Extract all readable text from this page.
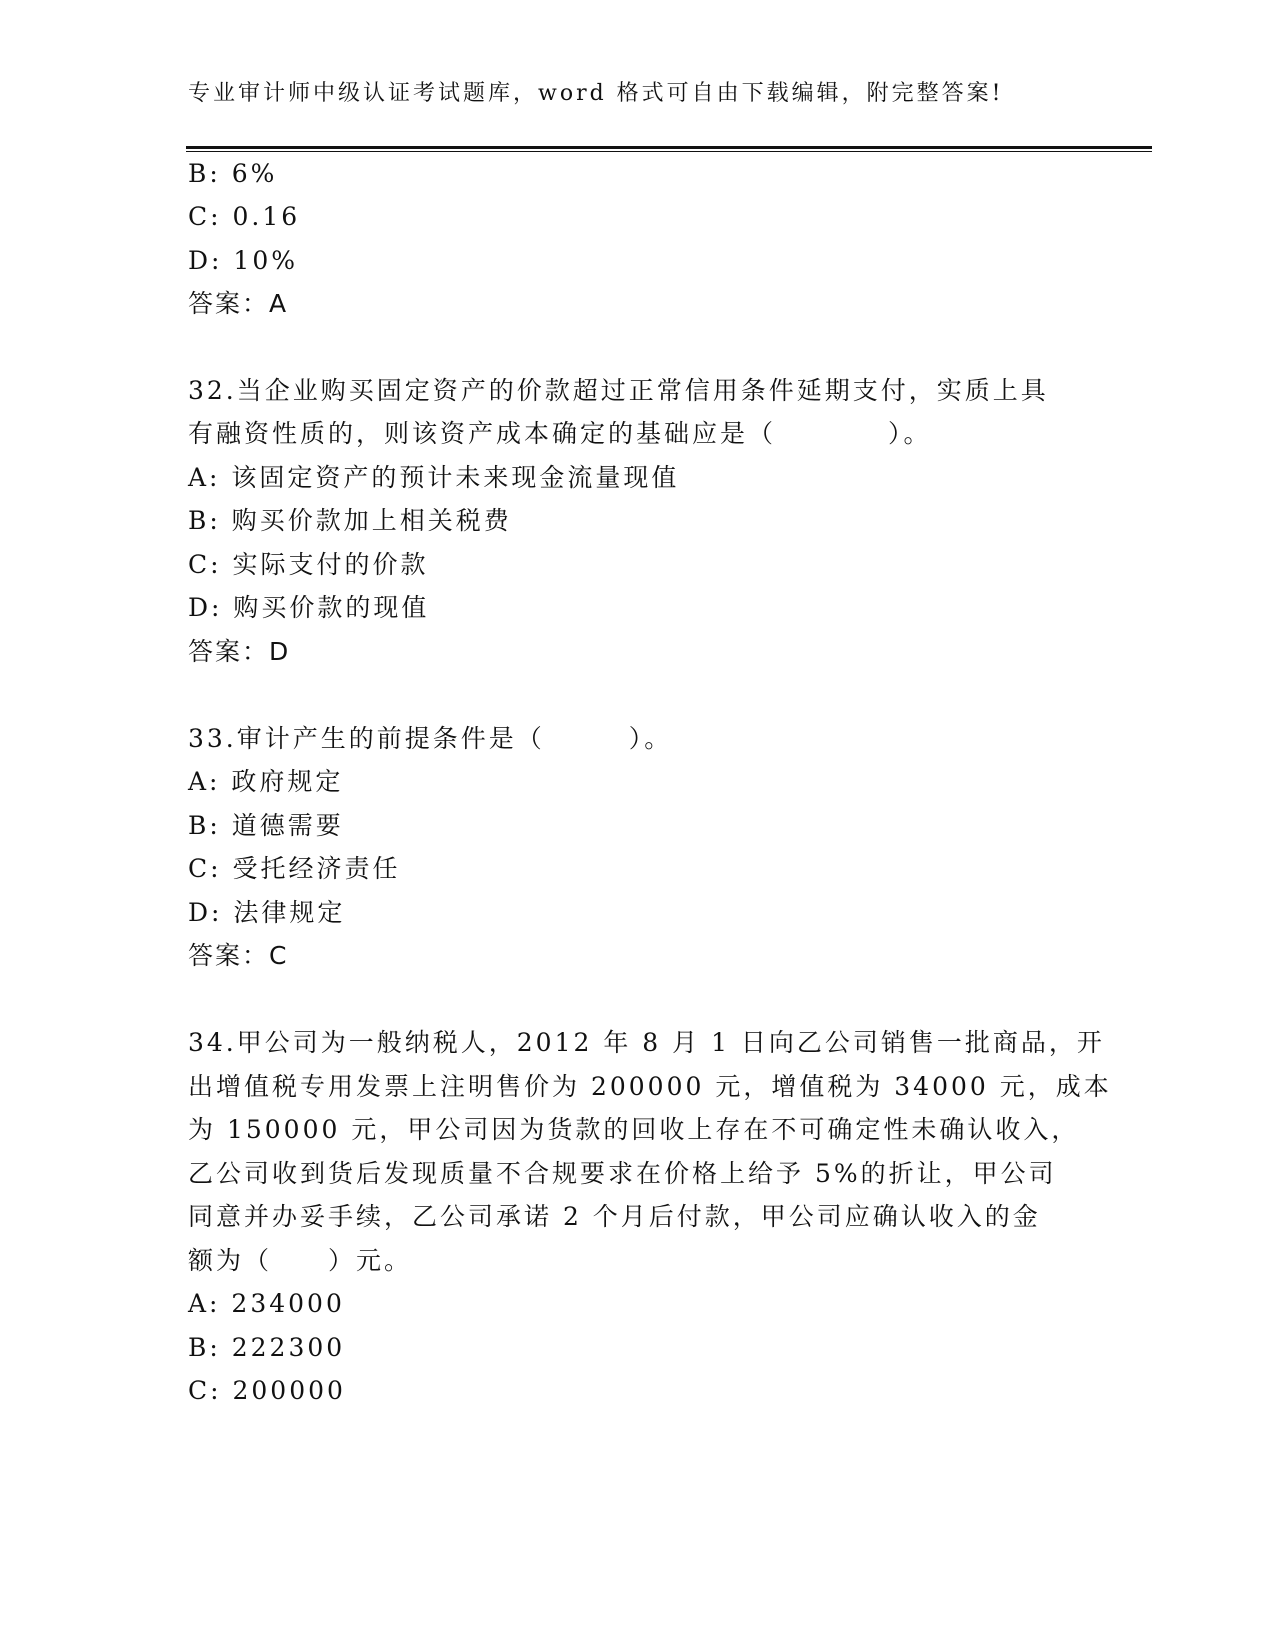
专业审计师中级认证考试题库，word 格式可自由下载编辑，附完整答案!
B: 6%
C: 0.16
D: 10%
答案：A
32.当企业购买固定资产的价款超过正常信用条件延期支付，实质上具
有融资性质的，则该资产成本确定的基础应是（　　　　）。
A: 该固定资产的预计未来现金流量现值
B: 购买价款加上相关税费
C: 实际支付的价款
D: 购买价款的现值
答案：D
33.审计产生的前提条件是（　　　）。
A: 政府规定
B: 道德需要
C: 受托经济责任
D: 法律规定
答案：C
34.甲公司为一般纳税人，2012 年 8 月 1 日向乙公司销售一批商品，开
出增值税专用发票上注明售价为 200000 元，增值税为 34000 元，成本
为 150000 元，甲公司因为货款的回收上存在不可确定性未确认收入，
乙公司收到货后发现质量不合规要求在价格上给予 5%的折让，甲公司
同意并办妥手续，乙公司承诺 2 个月后付款，甲公司应确认收入的金
额为（　　）元。
A: 234000
B: 222300
C: 200000
